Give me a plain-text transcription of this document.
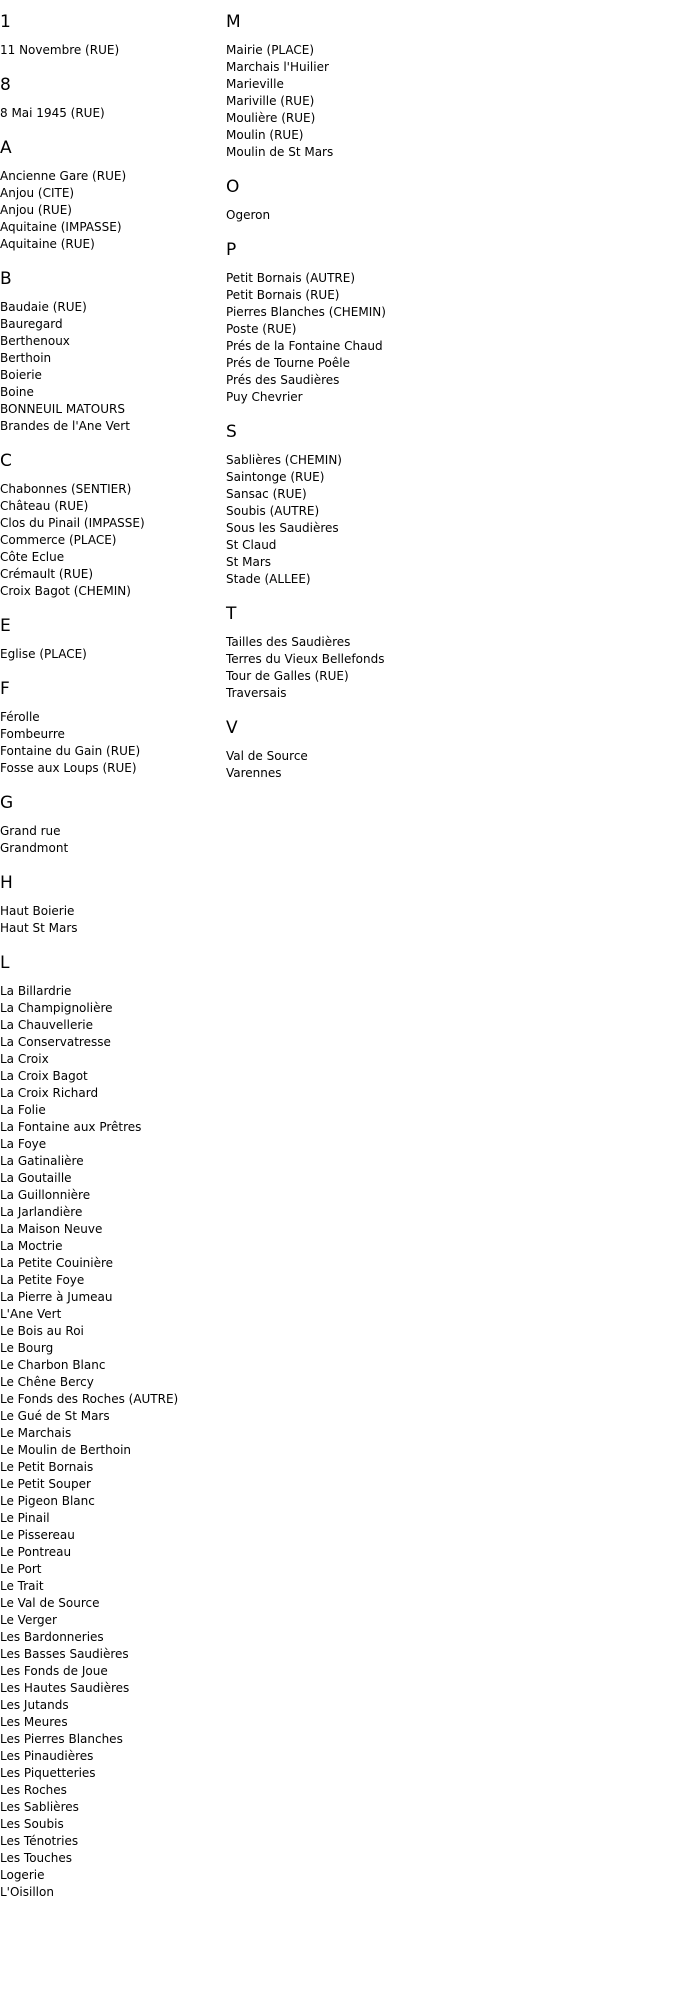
1
11 Novembre (RUE)
8
8 Mai 1945 (RUE)
A
Ancienne Gare (RUE)
Anjou (CITE)
Anjou (RUE)
Aquitaine (IMPASSE)
Aquitaine (RUE)
B
Baudaie (RUE)
Bauregard
Berthenoux
Berthoin
Boierie
Boine
BONNEUIL MATOURS
Brandes de l'Ane Vert
C
Chabonnes (SENTIER)
Château (RUE)
Clos du Pinail (IMPASSE)
Commerce (PLACE)
Côte Eclue
Crémault (RUE)
Croix Bagot (CHEMIN)
E
Eglise (PLACE)
F
Férolle
Fombeurre
Fontaine du Gain (RUE)
Fosse aux Loups (RUE)
G
Grand rue
Grandmont
H
Haut Boierie
Haut St Mars
L
La Billardrie
La Champignolière
La Chauvellerie
La Conservatresse
La Croix
La Croix Bagot
La Croix Richard
La Folie
La Fontaine aux Prêtres
La Foye
La Gatinalière
La Goutaille
La Guillonnière
La Jarlandière
La Maison Neuve
La Moctrie
La Petite Couinière
La Petite Foye
La Pierre à Jumeau
L'Ane Vert
Le Bois au Roi
Le Bourg
Le Charbon Blanc
Le Chêne Bercy
Le Fonds des Roches (AUTRE)
Le Gué de St Mars
Le Marchais
Le Moulin de Berthoin
Le Petit Bornais
Le Petit Souper
Le Pigeon Blanc
Le Pinail
Le Pissereau
Le Pontreau
Le Port
Le Trait
Le Val de Source
Le Verger
Les Bardonneries
Les Basses Saudières
Les Fonds de Joue
Les Hautes Saudières
Les Jutands
Les Meures
Les Pierres Blanches
Les Pinaudières
Les Piquetteries
Les Roches
Les Sablières
Les Soubis
Les Ténotries
Les Touches
Logerie
L'Oisillon
M
Mairie (PLACE)
Marchais l'Huilier
Marieville
Mariville (RUE)
Moulière (RUE)
Moulin (RUE)
Moulin de St Mars
O
Ogeron
P
Petit Bornais (AUTRE)
Petit Bornais (RUE)
Pierres Blanches (CHEMIN)
Poste (RUE)
Prés de la Fontaine Chaud
Prés de Tourne Poêle
Prés des Saudières
Puy Chevrier
S
Sablières (CHEMIN)
Saintonge (RUE)
Sansac (RUE)
Soubis (AUTRE)
Sous les Saudières
St Claud
St Mars
Stade (ALLEE)
T
Tailles des Saudières
Terres du Vieux Bellefonds
Tour de Galles (RUE)
Traversais
V
Val de Source
Varennes
